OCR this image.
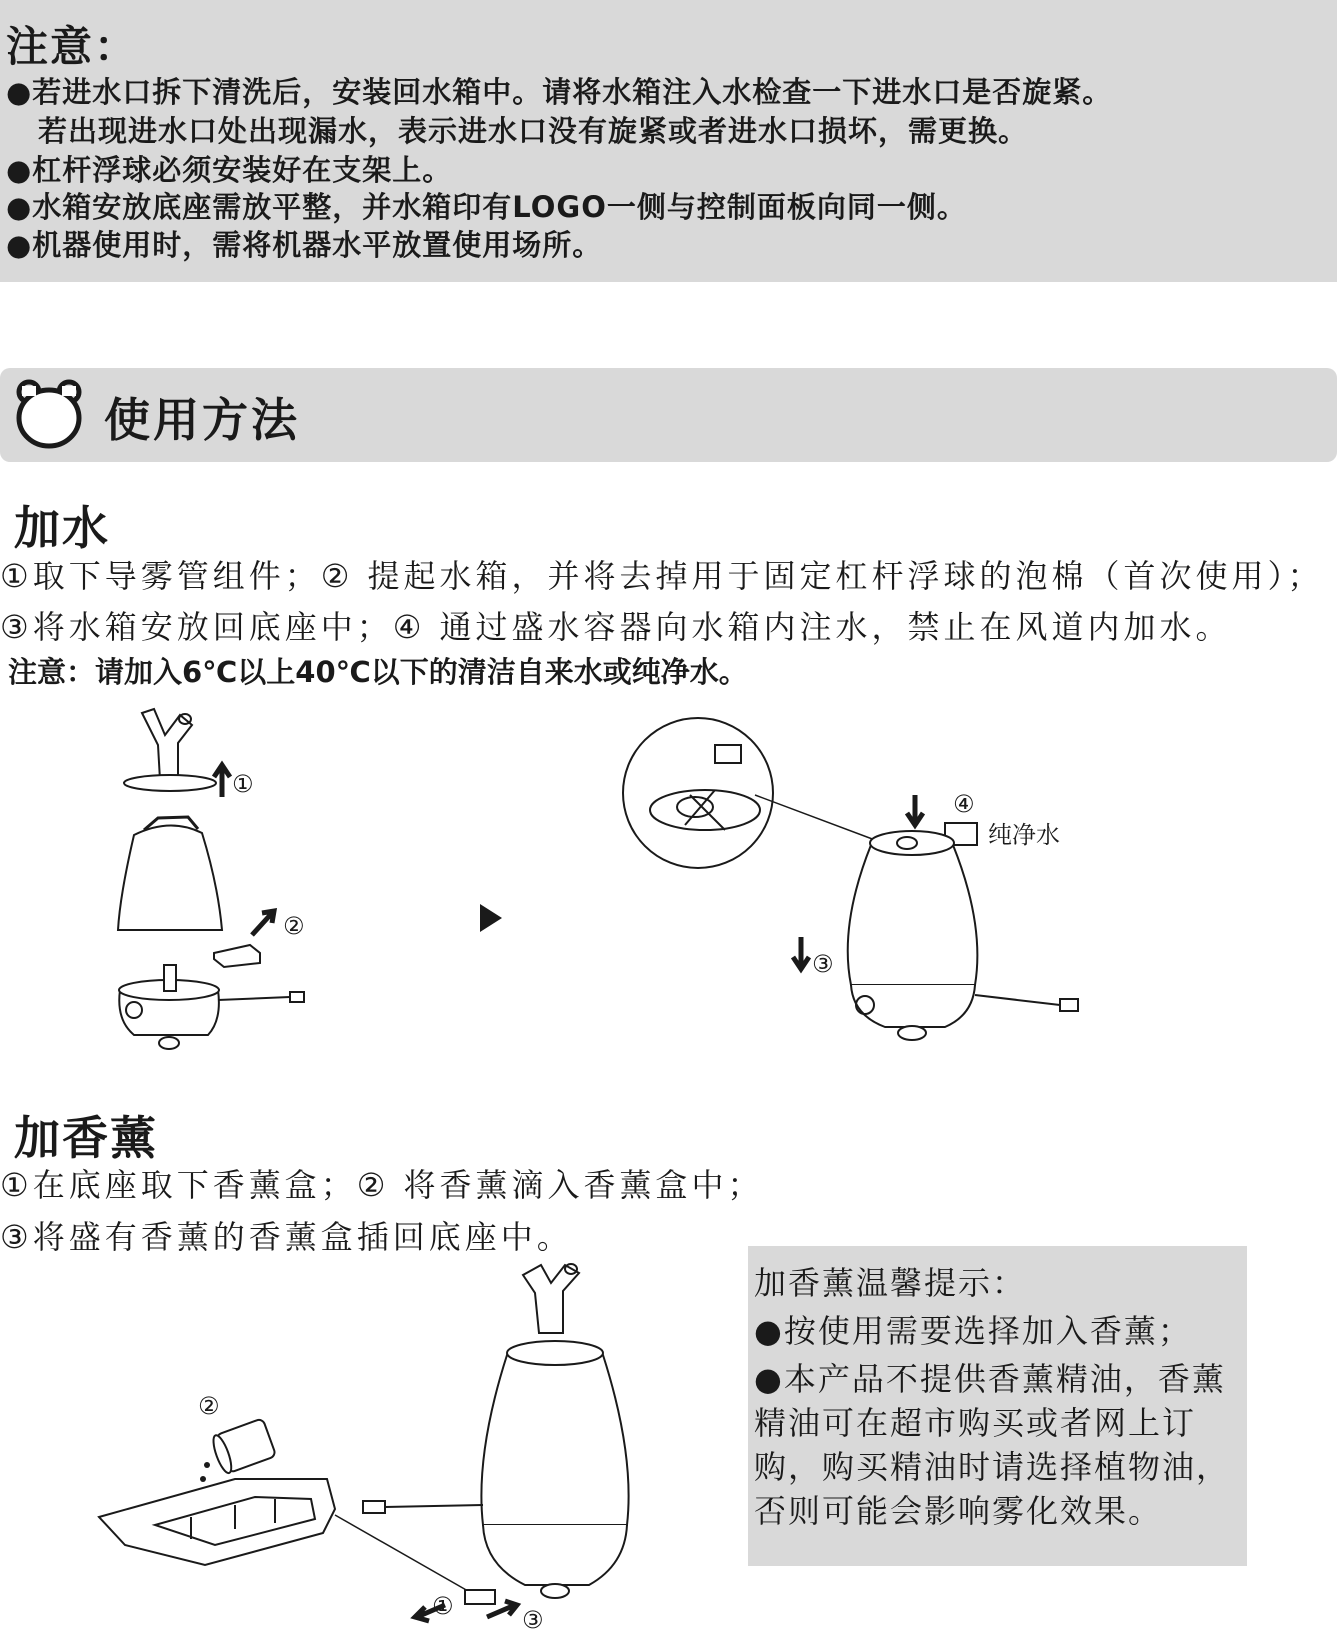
注意：
●若进水口拆下清洗后，安装回水箱中。请将水箱注入水检查一下进水口是否旋紧。
若出现进水口处出现漏水，表示进水口没有旋紧或者进水口损坏，需更换。
●杠杆浮球必须安装好在支架上。
●水箱安放底座需放平整，并水箱印有LOGO一侧与控制面板向同一侧。
●机器使用时，需将机器水平放置使用场所。
使用方法
加水
①取下导雾管组件；② 提起水箱，并将去掉用于固定杠杆浮球的泡棉（首次使用）；
③将水箱安放回底座中；④ 通过盛水容器向水箱内注水，禁止在风道内加水。
注意：请加入6℃以上40℃以下的清洁自来水或纯净水。
①
②
④
纯净水
③
加香薰
①在底座取下香薰盒；② 将香薰滴入香薰盒中；
③将盛有香薰的香薰盒插回底座中。
②
①	③
加香薰温馨提示：
●按使用需要选择加入香薰；
●本产品不提供香薰精油，香薰
精油可在超市购买或者网上订
购，购买精油时请选择植物油，
否则可能会影响雾化效果。
